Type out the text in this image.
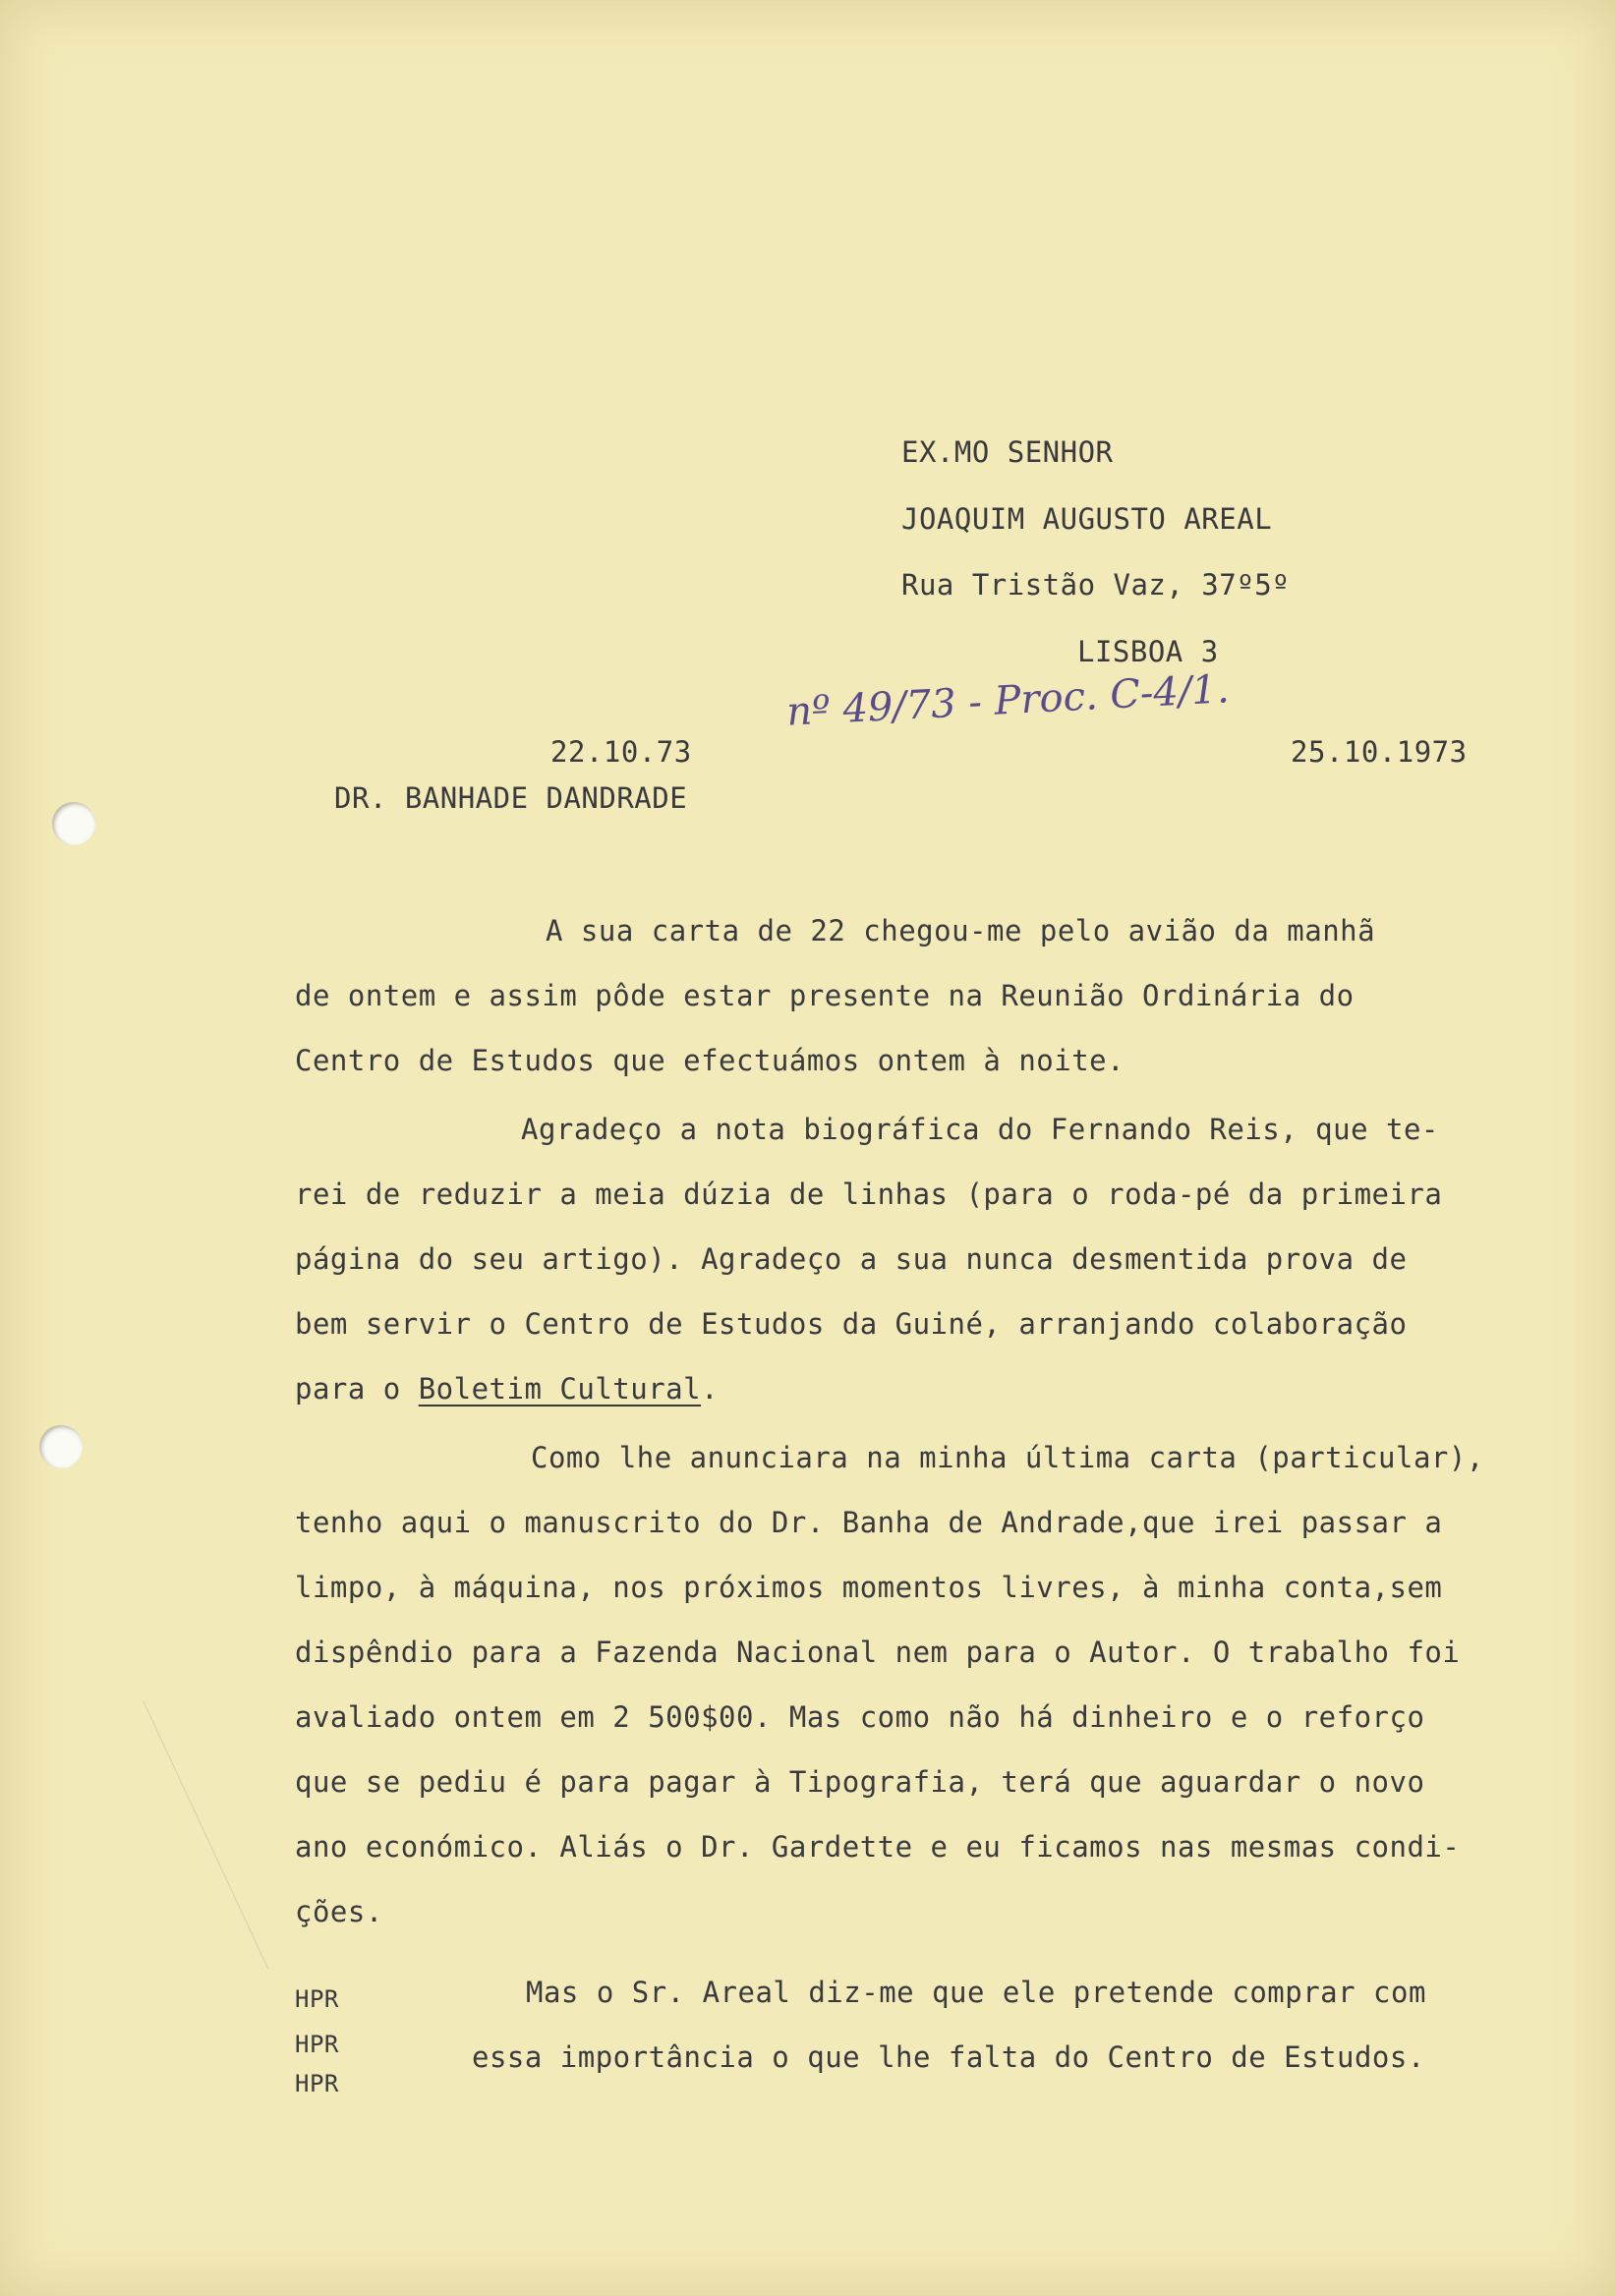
EX.MO SENHOR
JOAQUIM AUGUSTO AREAL
Rua Tristão Vaz, 37º5º
LISBOA 3
nº 49/73 - Proc. C-4/1.
22.10.73	25.10.1973
DR. BANHADE DANDRADE
A sua carta de 22 chegou-me pelo avião da manhã
de ontem e assim pôde estar presente na Reunião Ordinária do
Centro de Estudos que efectuámos ontem à noite.
Agradeço a nota biográfica do Fernando Reis, que te-
rei de reduzir a meia dúzia de linhas (para o roda-pé da primeira
página do seu artigo). Agradeço a sua nunca desmentida prova de
bem servir o Centro de Estudos da Guiné, arranjando colaboração
para o Boletim Cultural.
Como lhe anunciara na minha última carta (particular),
tenho aqui o manuscrito do Dr. Banha de Andrade,que irei passar a
limpo, à máquina, nos próximos momentos livres, à minha conta,sem
dispêndio para a Fazenda Nacional nem para o Autor. O trabalho foi
avaliado ontem em 2 500$00. Mas como não há dinheiro e o reforço
que se pediu é para pagar à Tipografia, terá que aguardar o novo
ano económico. Aliás o Dr. Gardette e eu ficamos nas mesmas condi-
ções.
Mas o Sr. Areal diz-me que ele pretende comprar com
essa importância o que lhe falta do Centro de Estudos.
HPR
HPR
HPR
